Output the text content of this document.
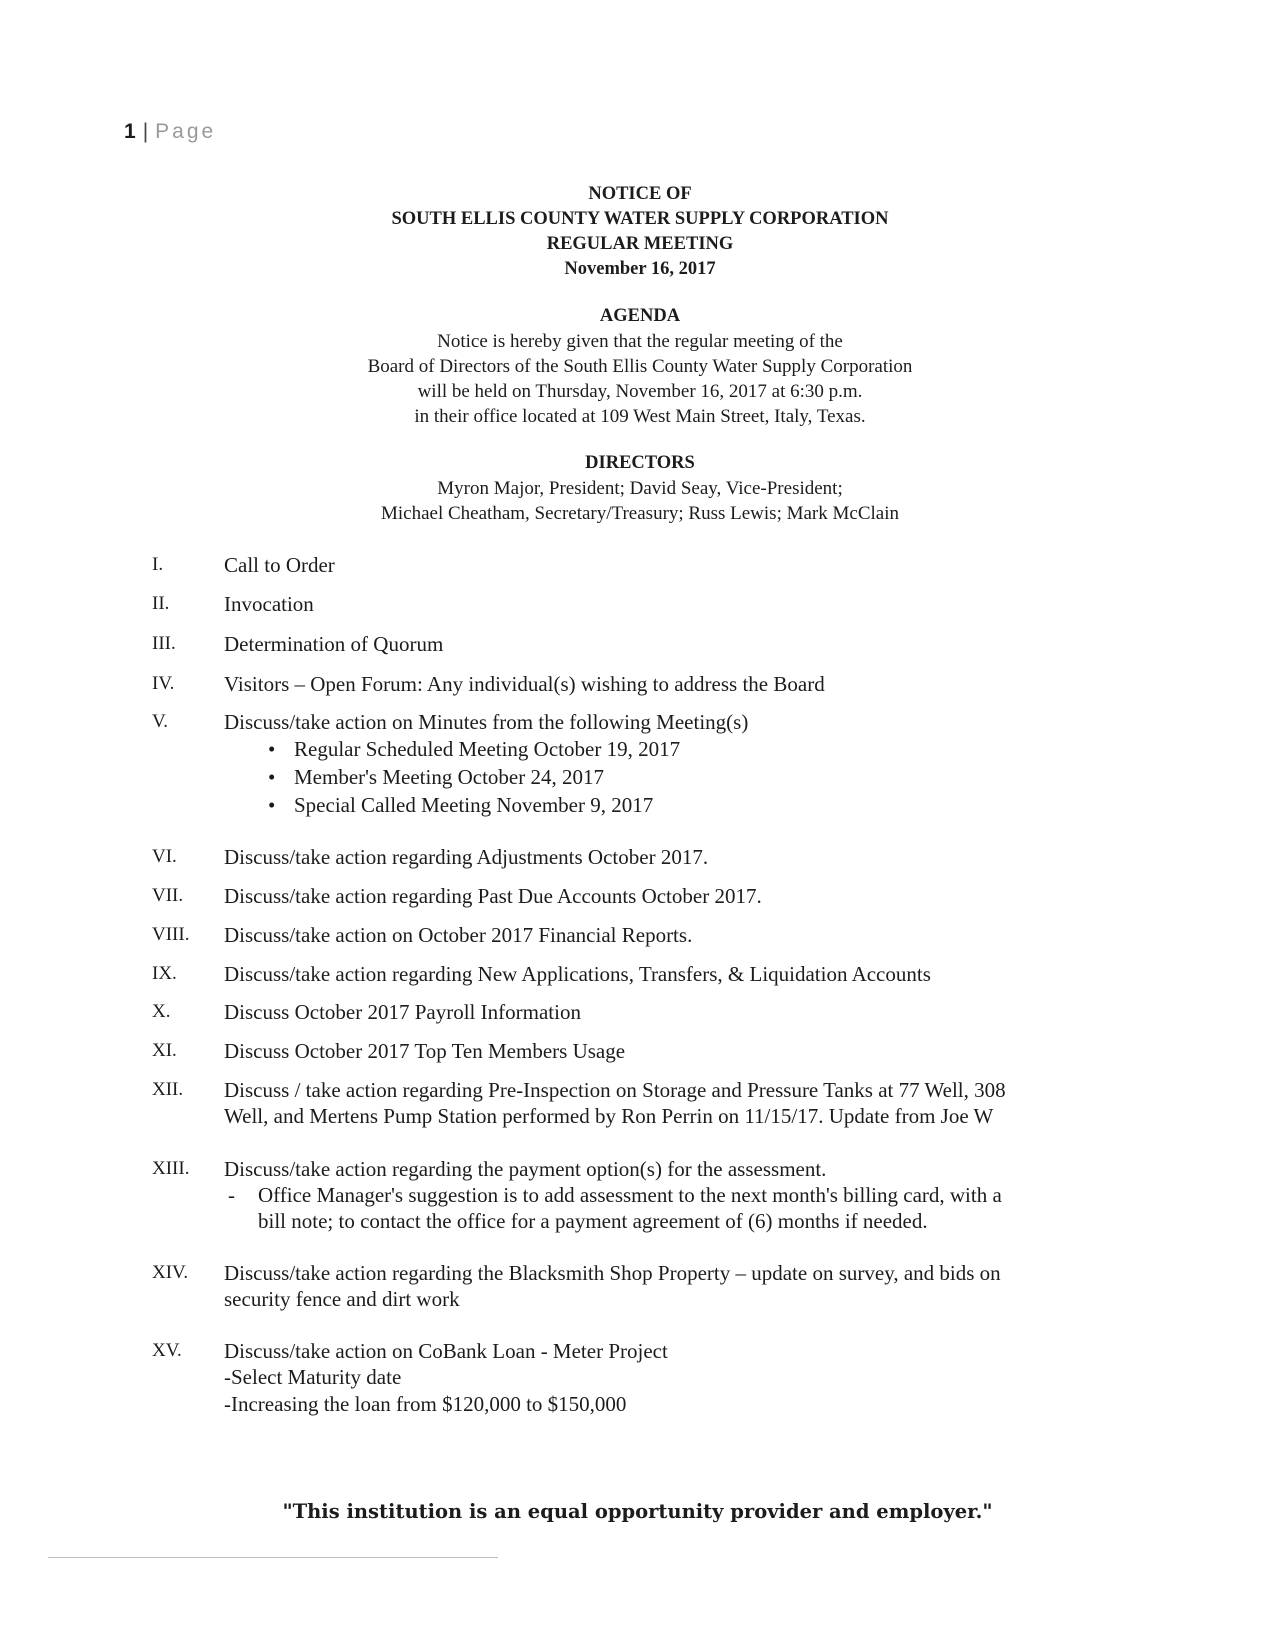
1 | Page
NOTICE OF
SOUTH ELLIS COUNTY WATER SUPPLY CORPORATION
REGULAR MEETING
November 16, 2017
AGENDA
Notice is hereby given that the regular meeting of the
Board of Directors of the South Ellis County Water Supply Corporation
will be held on Thursday, November 16, 2017 at 6:30 p.m.
in their office located at 109 West Main Street, Italy, Texas.
DIRECTORS
Myron Major, President; David Seay, Vice-President;
Michael Cheatham, Secretary/Treasury; Russ Lewis; Mark McClain
I.	Call to Order
II.	Invocation
III. Determination of Quorum
IV. Visitors – Open Forum: Any individual(s) wishing to address the Board
V.	Discuss/take action on Minutes from the following Meeting(s)
• Regular Scheduled Meeting October 19, 2017
• Member's Meeting October 24, 2017
• Special Called Meeting November 9, 2017
VI. Discuss/take action regarding Adjustments October 2017.
VII. Discuss/take action regarding Past Due Accounts October 2017.
VIII. Discuss/take action on October 2017 Financial Reports.
IX. Discuss/take action regarding New Applications, Transfers, & Liquidation Accounts
X.	Discuss October 2017 Payroll Information
XI. Discuss October 2017 Top Ten Members Usage
XII. Discuss / take action regarding Pre-Inspection on Storage and Pressure Tanks at 77 Well, 308
Well, and Mertens Pump Station performed by Ron Perrin on 11/15/17. Update from Joe W
XIII. Discuss/take action regarding the payment option(s) for the assessment.
- Office Manager's suggestion is to add assessment to the next month's billing card, with a
bill note; to contact the office for a payment agreement of (6) months if needed.
XIV. Discuss/take action regarding the Blacksmith Shop Property – update on survey, and bids on
security fence and dirt work
XV. Discuss/take action on CoBank Loan - Meter Project
-Select Maturity date
-Increasing the loan from $120,000 to $150,000
"This institution is an equal opportunity provider and employer."
